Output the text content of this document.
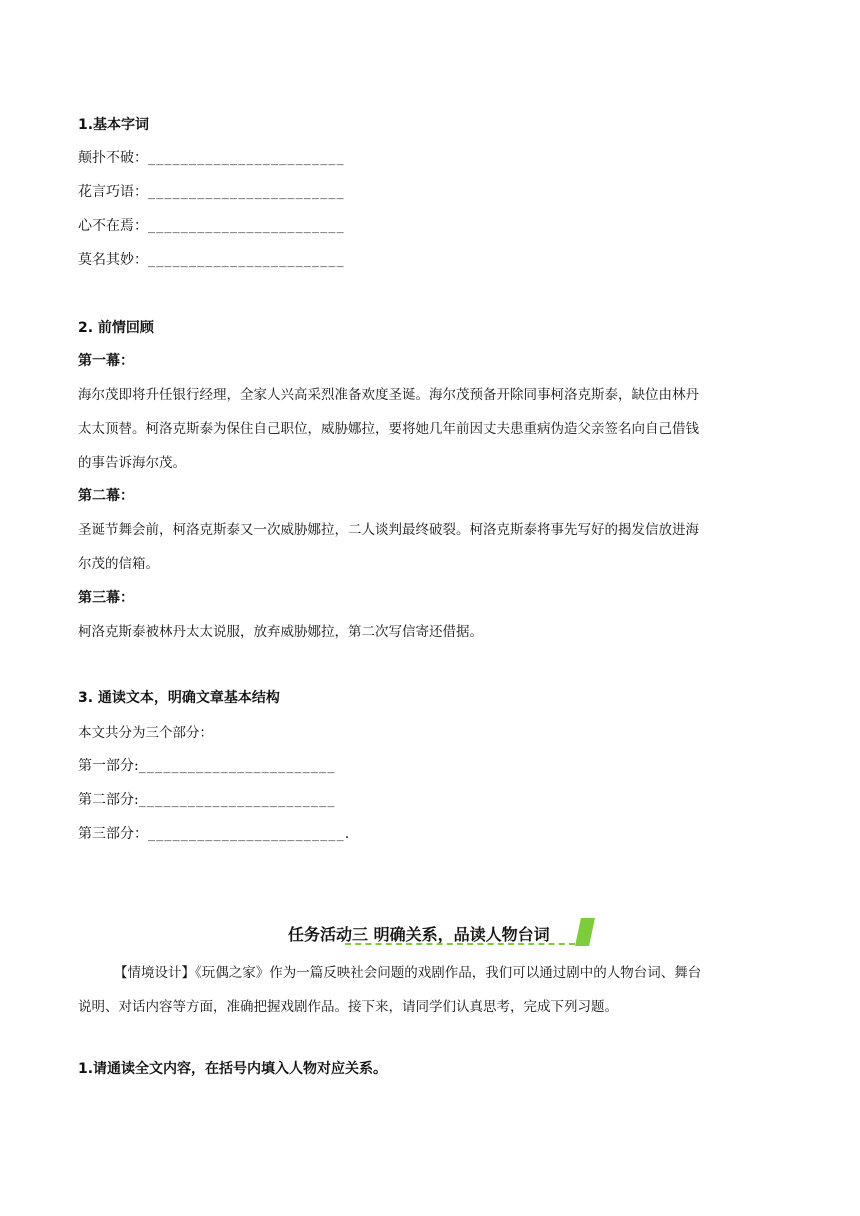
1.基本字词
颠扑不破：________________________
花言巧语：________________________
心不在焉：________________________
莫名其妙：________________________
2. 前情回顾
第一幕：
海尔茂即将升任银行经理，全家人兴高采烈准备欢度圣诞。海尔茂预备开除同事柯洛克斯泰，缺位由林丹
太太顶替。柯洛克斯泰为保住自己职位，威胁娜拉，要将她几年前因丈夫患重病伪造父亲签名向自己借钱
的事告诉海尔茂。
第二幕：
圣诞节舞会前，柯洛克斯泰又一次威胁娜拉，二人谈判最终破裂。柯洛克斯泰将事先写好的揭发信放进海
尔茂的信箱。
第三幕：
柯洛克斯泰被林丹太太说服，放弃威胁娜拉，第二次写信寄还借据。
3. 通读文本，明确文章基本结构
本文共分为三个部分：
第一部分:________________________
第二部分:________________________
第三部分：________________________.
任务活动三 明确关系，品读人物台词
【情境设计】《玩偶之家》作为一篇反映社会问题的戏剧作品，我们可以通过剧中的人物台词、舞台
说明、对话内容等方面，准确把握戏剧作品。接下来，请同学们认真思考，完成下列习题。
1.请通读全文内容，在括号内填入人物对应关系。
